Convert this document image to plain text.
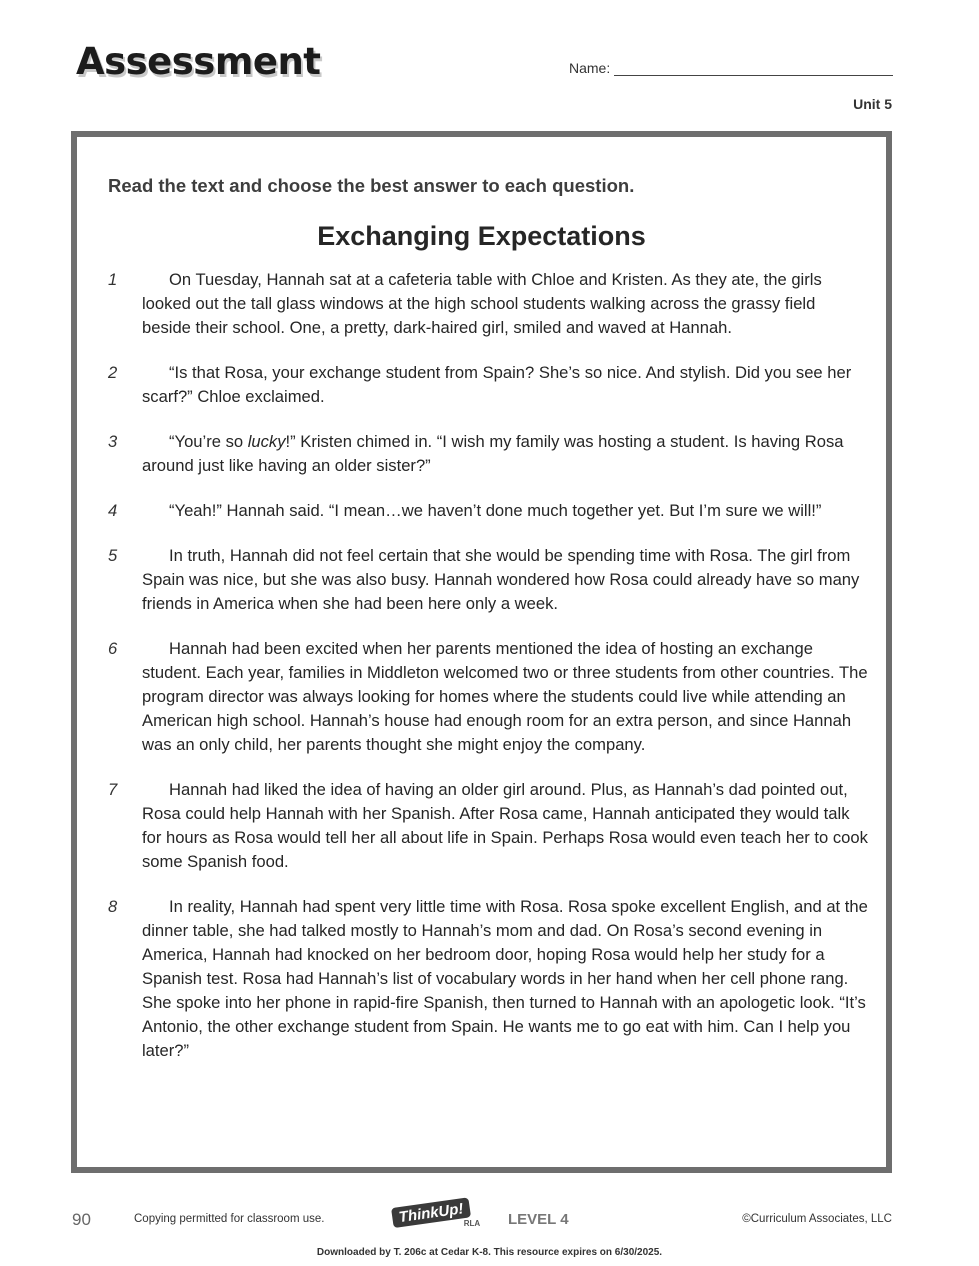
Assessment	Name:
Unit 5
Read the text and choose the best answer to each question.
Exchanging Expectations
1	On Tuesday, Hannah sat at a cafeteria table with Chloe and Kristen. As they ate, the girls looked out the tall glass windows at the high school students walking across the grassy field beside their school. One, a pretty, dark-haired girl, smiled and waved at Hannah.
2	“Is that Rosa, your exchange student from Spain? She’s so nice. And stylish. Did you see her scarf?” Chloe exclaimed.
3	“You’re so lucky!” Kristen chimed in. “I wish my family was hosting a student. Is having Rosa around just like having an older sister?”
4	“Yeah!” Hannah said. “I mean…we haven’t done much together yet. But I’m sure we will!”
5	In truth, Hannah did not feel certain that she would be spending time with Rosa. The girl from Spain was nice, but she was also busy. Hannah wondered how Rosa could already have so many friends in America when she had been here only a week.
6	Hannah had been excited when her parents mentioned the idea of hosting an exchange student. Each year, families in Middleton welcomed two or three students from other countries. The program director was always looking for homes where the students could live while attending an American high school. Hannah’s house had enough room for an extra person, and since Hannah was an only child, her parents thought she might enjoy the company.
7	Hannah had liked the idea of having an older girl around. Plus, as Hannah’s dad pointed out, Rosa could help Hannah with her Spanish. After Rosa came, Hannah anticipated they would talk for hours as Rosa would tell her all about life in Spain. Perhaps Rosa would even teach her to cook some Spanish food.
8	In reality, Hannah had spent very little time with Rosa. Rosa spoke excellent English, and at the dinner table, she had talked mostly to Hannah’s mom and dad. On Rosa’s second evening in America, Hannah had knocked on her bedroom door, hoping Rosa would help her study for a Spanish test. Rosa had Hannah’s list of vocabulary words in her hand when her cell phone rang. She spoke into her phone in rapid-fire Spanish, then turned to Hannah with an apologetic look. “It’s Antonio, the other exchange student from Spain. He wants me to go eat with him. Can I help you later?”
90	Copying permitted for classroom use.	ThinkUp! RLA LEVEL 4	©Curriculum Associates, LLC
Downloaded by T. 206c at Cedar K-8. This resource expires on 6/30/2025.
